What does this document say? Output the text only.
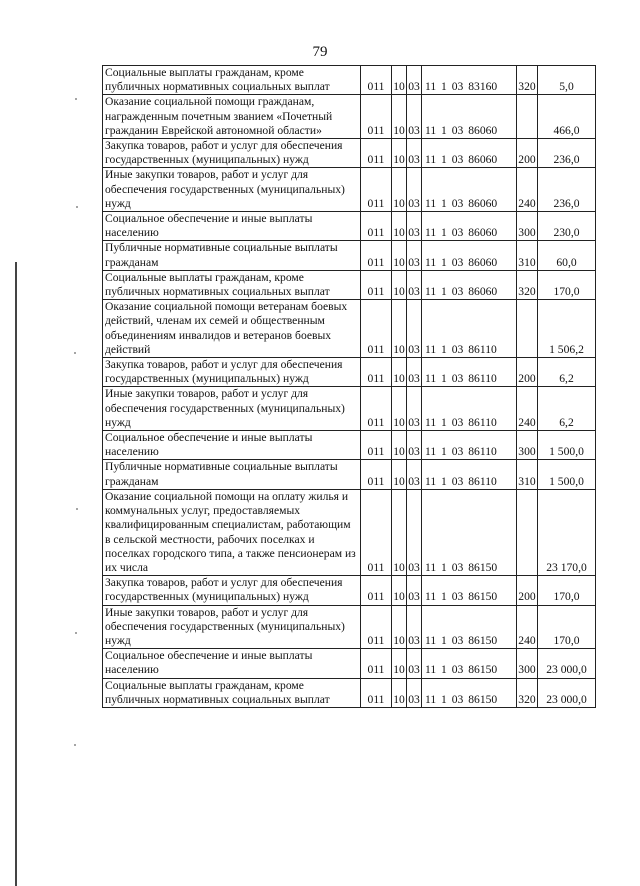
79
Социальные выплаты гражданам, кроме публичных нормативных социальных выплат	011	10	03	11 1 03 83160	320	5,0
Оказание социальной помощи гражданам, награжденным почетным званием «Почетный гражданин Еврейской автономной области»	011	10	03	11 1 03 86060		466,0
Закупка товаров, работ и услуг для обеспечения государственных (муниципальных) нужд	011	10	03	11 1 03 86060	200	236,0
Иные закупки товаров, работ и услуг для обеспечения государственных (муниципальных) нужд	011	10	03	11 1 03 86060	240	236,0
Социальное обеспечение и иные выплаты населению	011	10	03	11 1 03 86060	300	230,0
Публичные нормативные социальные выплаты гражданам	011	10	03	11 1 03 86060	310	60,0
Социальные выплаты гражданам, кроме публичных нормативных социальных выплат	011	10	03	11 1 03 86060	320	170,0
Оказание социальной помощи ветеранам боевых действий, членам их семей и общественным объединениям инвалидов и ветеранов боевых действий	011	10	03	11 1 03 86110		1 506,2
Закупка товаров, работ и услуг для обеспечения государственных (муниципальных) нужд	011	10	03	11 1 03 86110	200	6,2
Иные закупки товаров, работ и услуг для обеспечения государственных (муниципальных) нужд	011	10	03	11 1 03 86110	240	6,2
Социальное обеспечение и иные выплаты населению	011	10	03	11 1 03 86110	300	1 500,0
Публичные нормативные социальные выплаты гражданам	011	10	03	11 1 03 86110	310	1 500,0
Оказание социальной помощи на оплату жилья и коммунальных услуг, предоставляемых квалифицированным специалистам, работающим в сельской местности, рабочих поселках и поселках городского типа, а также пенсионерам из их числа	011	10	03	11 1 03 86150		23 170,0
Закупка товаров, работ и услуг для обеспечения государственных (муниципальных) нужд	011	10	03	11 1 03 86150	200	170,0
Иные закупки товаров, работ и услуг для обеспечения государственных (муниципальных) нужд	011	10	03	11 1 03 86150	240	170,0
Социальное обеспечение и иные выплаты населению	011	10	03	11 1 03 86150	300	23 000,0
Социальные выплаты гражданам, кроме публичных нормативных социальных выплат	011	10	03	11 1 03 86150	320	23 000,0
